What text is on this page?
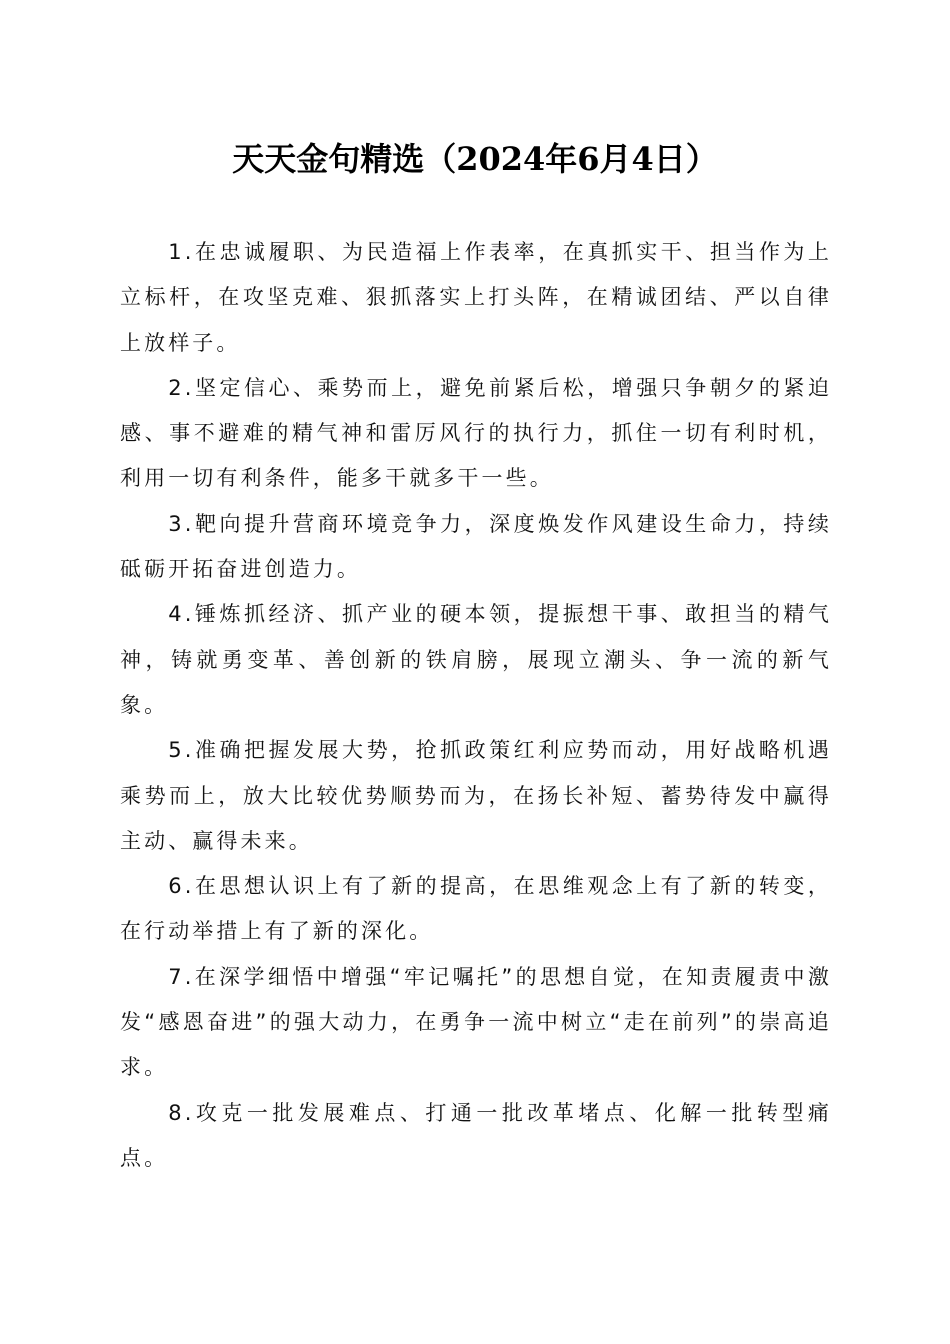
天天金句精选（2024年6月4日）

1.在忠诚履职、为民造福上作表率，在真抓实干、担当作为上立标杆，在攻坚克难、狠抓落实上打头阵，在精诚团结、严以自律上放样子。

2.坚定信心、乘势而上，避免前紧后松，增强只争朝夕的紧迫感、事不避难的精气神和雷厉风行的执行力，抓住一切有利时机，利用一切有利条件，能多干就多干一些。

3.靶向提升营商环境竞争力，深度焕发作风建设生命力，持续砥砺开拓奋进创造力。

4.锤炼抓经济、抓产业的硬本领，提振想干事、敢担当的精气神，铸就勇变革、善创新的铁肩膀，展现立潮头、争一流的新气象。

5.准确把握发展大势，抢抓政策红利应势而动，用好战略机遇乘势而上，放大比较优势顺势而为，在扬长补短、蓄势待发中赢得主动、赢得未来。

6.在思想认识上有了新的提高，在思维观念上有了新的转变，在行动举措上有了新的深化。

7.在深学细悟中增强“牢记嘱托”的思想自觉，在知责履责中激发“感恩奋进”的强大动力，在勇争一流中树立“走在前列”的崇高追求。

8.攻克一批发展难点、打通一批改革堵点、化解一批转型痛点。
